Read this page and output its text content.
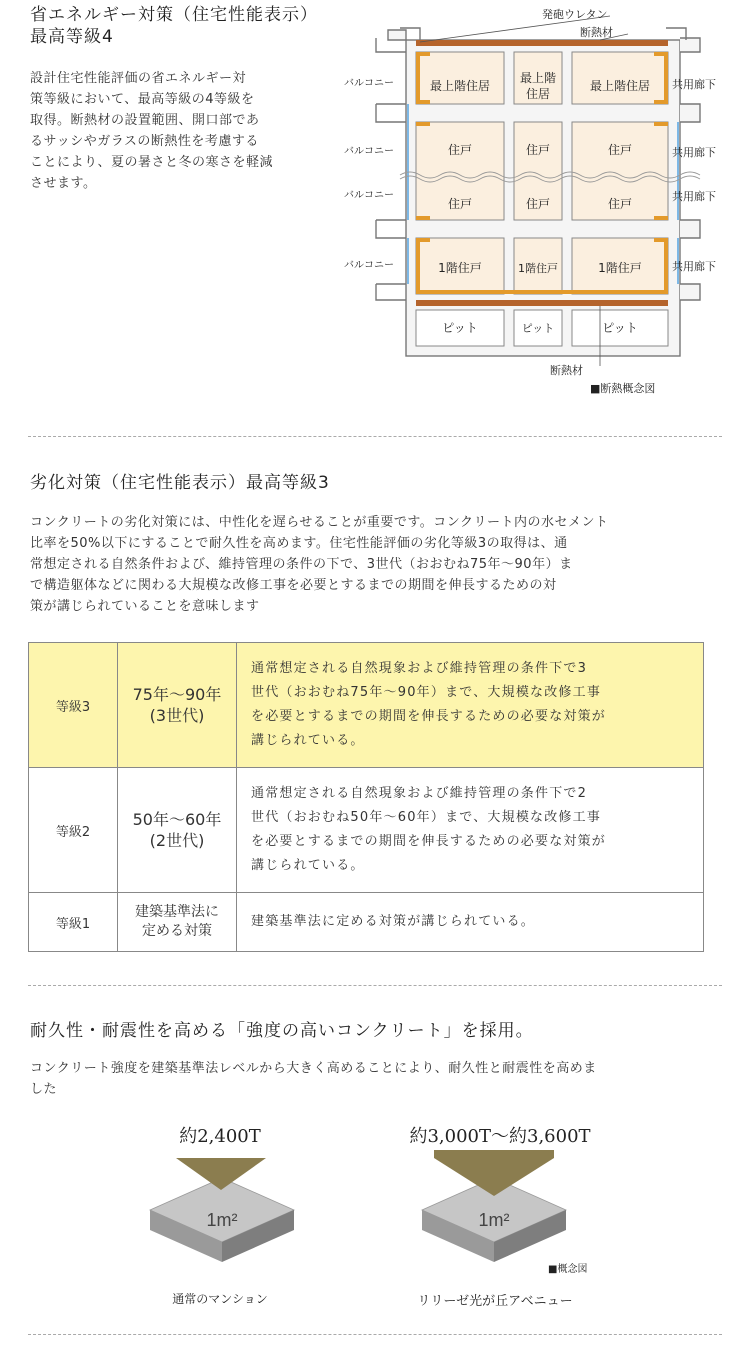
省エネルギー対策（住宅性能表示）
最高等級4
設計住宅性能評価の省エネルギー対
策等級において、最高等級の4等級を
取得。断熱材の設置範囲、開口部であ
るサッシやガラスの断熱性を考慮する
ことにより、夏の暑さと冬の寒さを軽減
させます。
発砲ウレタン
断熱材
断熱材
バルコニー
バルコニー
バルコニー
バルコニー
共用廊下
共用廊下
共用廊下
共用廊下
最上階住居
最上階
住居
最上階住居
住戸	住戸	住戸
住戸	住戸	住戸
1階住戸	1階住戸	1階住戸
ピット	ピット	ピット
■断熱概念図
劣化対策（住宅性能表示）最高等級3
コンクリートの劣化対策には、中性化を遅らせることが重要です。コンクリート内の水セメント
比率を50%以下にすることで耐久性を高めます。住宅性能評価の劣化等級3の取得は、通
常想定される自然条件および、維持管理の条件の下で、3世代（おおむね75年〜90年）ま
で構造躯体などに関わる大規模な改修工事を必要とするまでの期間を伸長するための対
策が講じられていることを意味します
等級3	75年〜90年
(3世代)	通常想定される自然現象および維持管理の条件下で3
世代（おおむね75年〜90年）まで、大規模な改修工事
を必要とするまでの期間を伸長するための必要な対策が
講じられている。
等級2	50年〜60年
(2世代)	通常想定される自然現象および維持管理の条件下で2
世代（おおむね50年〜60年）まで、大規模な改修工事
を必要とするまでの期間を伸長するための必要な対策が
講じられている。
等級1	建築基準法に
定める対策	建築基準法に定める対策が講じられている。
耐久性・耐震性を高める「強度の高いコンクリート」を採用。
コンクリート強度を建築基準法レベルから大きく高めることにより、耐久性と耐震性を高めま
した
約2,400T	約3,000T〜約3,600T
1m²	1m²
■概念図
通常のマンション	リリーゼ光が丘アベニュー
